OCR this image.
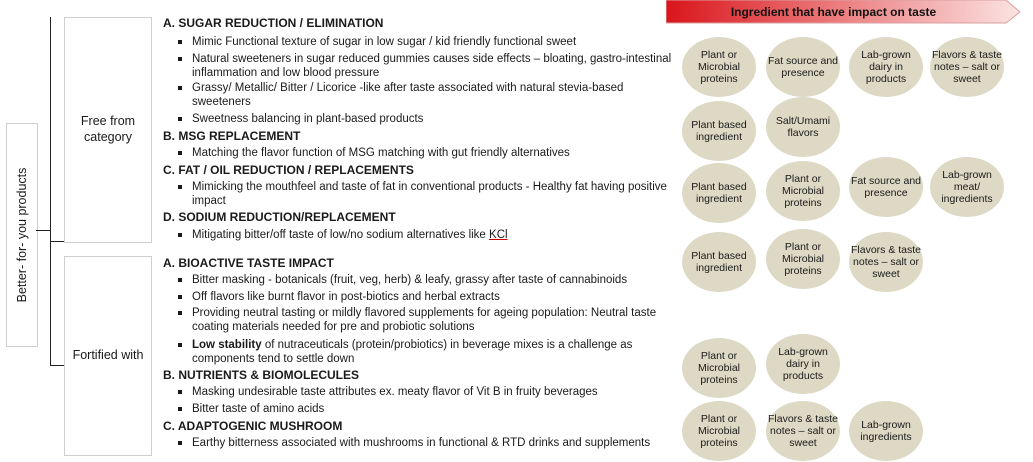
Ingredient that have impact on taste
Better- for- you products
Free from category
Fortified with
A. SUGAR REDUCTION / ELIMINATION
B. MSG REPLACEMENT
C. FAT / OIL REDUCTION / REPLACEMENTS
D. SODIUM REDUCTION/REPLACEMENT
A. BIOACTIVE TASTE IMPACT
B. NUTRIENTS & BIOMOLECULES
C. ADAPTOGENIC MUSHROOM
Mimic Functional texture of sugar in low sugar / kid friendly functional sweet
Natural sweeteners in sugar reduced gummies causes side effects – bloating, gastro-intestinal inflammation and low blood pressure
Grassy/ Metallic/ Bitter / Licorice -like after taste associated with natural stevia-based sweeteners
Sweetness balancing in plant-based products
Matching the flavor function of MSG matching with gut friendly alternatives
Mimicking the mouthfeel and taste of fat in conventional products - Healthy fat having positive impact
Mitigating bitter/off taste of low/no sodium alternatives like KCl
Bitter masking - botanicals (fruit, veg, herb) & leafy, grassy after taste of cannabinoids
Off flavors like burnt flavor in post-biotics and herbal extracts
Providing neutral tasting or mildly flavored supplements for ageing population: Neutral taste coating materials needed for pre and probiotic solutions
Low stability of nutraceuticals (protein/probiotics) in beverage mixes is a challenge as components tend to settle down
Masking undesirable taste attributes ex. meaty flavor of Vit B in fruity beverages
Bitter taste of amino acids
Earthy bitterness associated with mushrooms in functional & RTD drinks and supplements
Plant or Microbial proteins
Fat source and presence
Lab-grown dairy in products
Flavors & taste notes – salt or sweet
Plant based ingredient
Salt/Umami flavors
Plant based ingredient
Plant or Microbial proteins
Fat source and presence
Lab-grown meat/ ingredients
Plant based ingredient
Plant or Microbial proteins
Flavors & taste notes – salt or sweet
Plant or Microbial proteins
Lab-grown dairy in products
Plant or Microbial proteins
Flavors & taste notes – salt or sweet
Lab-grown ingredients
